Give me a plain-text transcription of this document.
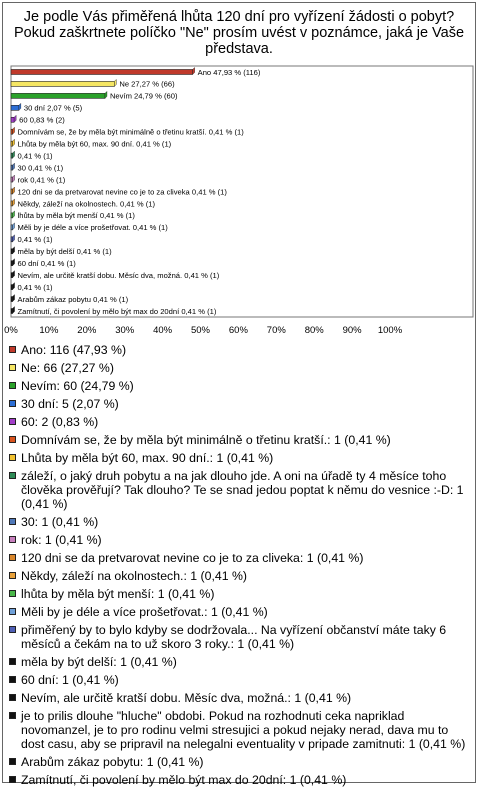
Je podle Vás přiměřená lhůta 120 dní pro vyřízení žádosti o pobyt? Pokud zaškrtnete políčko "Ne" prosím uvést v poznámce, jaká je Vaše představa.
Ano 47,93 % (116)
Ne 27,27 % (66)
Nevím 24,79 % (60)
30 dní 2,07 % (5)
60 0,83 % (2)
Domnívám se, že by měla být minimálně o třetinu kratší. 0,41 % (1)
Lhůta by měla být 60, max. 90 dní. 0,41 % (1)
0,41 % (1)
30 0,41 % (1)
rok 0,41 % (1)
120 dni se da pretvarovat nevine co je to za cliveka 0,41 % (1)
Někdy, záleží na okolnostech. 0,41 % (1)
lhůta by měla být menší 0,41 % (1)
Měli by je déle a více prošetřovat. 0,41 % (1)
0,41 % (1)
měla by být delší 0,41 % (1)
60 dní 0,41 % (1)
Nevím, ale určitě kratší dobu. Měsíc dva, možná. 0,41 % (1)
0,41 % (1)
Arabům zákaz pobytu 0,41 % (1)
Zamítnutí, či povolení by mělo být max do 20dní 0,41 % (1)
0% 10% 20% 30% 40% 50% 60% 70% 80% 90% 100%
Ano: 116 (47,93 %)
Ne: 66 (27,27 %)
Nevím: 60 (24,79 %)
30 dní: 5 (2,07 %)
60: 2 (0,83 %)
Domnívám se, že by měla být minimálně o třetinu kratší.: 1 (0,41 %)
Lhůta by měla být 60, max. 90 dní.: 1 (0,41 %)
záleží, o jaký druh pobytu a na jak dlouho jde. A oni na úřadě ty 4 měsíce toho člověka prověřují? Tak dlouho? Te se snad jedou poptat k němu do vesnice :-D: 1 (0,41 %)
30: 1 (0,41 %)
rok: 1 (0,41 %)
120 dni se da pretvarovat nevine co je to za cliveka: 1 (0,41 %)
Někdy, záleží na okolnostech.: 1 (0,41 %)
lhůta by měla být menší: 1 (0,41 %)
Měli by je déle a více prošetřovat.: 1 (0,41 %)
přiměřený by to bylo kdyby se dodržovala... Na vyřízení občanství máte taky 6 měsíců a čekám na to už skoro 3 roky.: 1 (0,41 %)
měla by být delší: 1 (0,41 %)
60 dní: 1 (0,41 %)
Nevím, ale určitě kratší dobu. Měsíc dva, možná.: 1 (0,41 %)
je to prilis dlouhe "hluche" obdobi. Pokud na rozhodnuti ceka napriklad novomanzel, je to pro rodinu velmi stresujici a pokud nejaky nerad, dava mu to dost casu, aby se pripravil na nelegalni eventuality v pripade zamitnuti: 1 (0,41 %)
Arabům zákaz pobytu: 1 (0,41 %)
Zamítnutí, či povolení by mělo být max do 20dní: 1 (0,41 %)
